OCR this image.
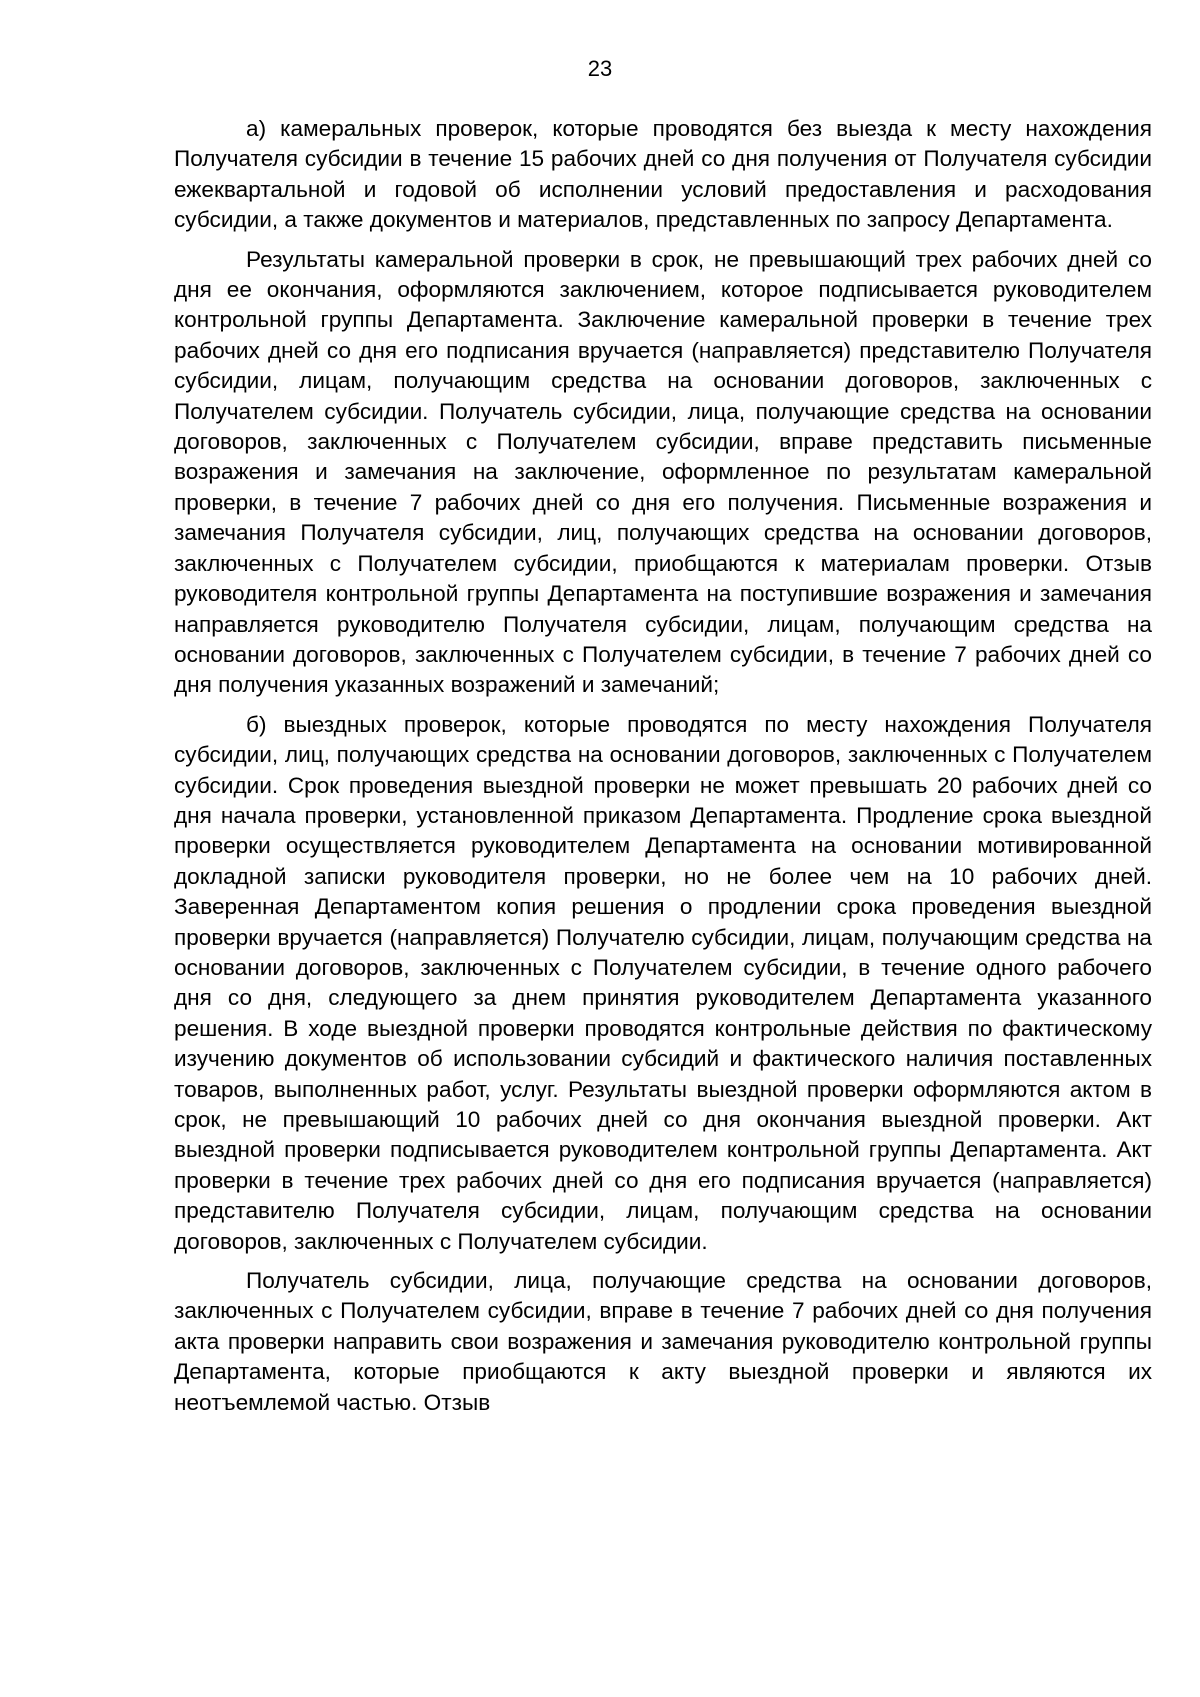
23

а) камеральных проверок, которые проводятся без выезда к месту нахождения Получателя субсидии в течение 15 рабочих дней со дня получения от Получателя субсидии ежеквартальной и годовой об исполнении условий предоставления и расходования субсидии, а также документов и материалов, представленных по запросу Департамента.

Результаты камеральной проверки в срок, не превышающий трех рабочих дней со дня ее окончания, оформляются заключением, которое подписывается руководителем контрольной группы Департамента. Заключение камеральной проверки в течение трех рабочих дней со дня его подписания вручается (направляется) представителю Получателя субсидии, лицам, получающим средства на основании договоров, заключенных с Получателем субсидии. Получатель субсидии, лица, получающие средства на основании договоров, заключенных с Получателем субсидии, вправе представить письменные возражения и замечания на заключение, оформленное по результатам камеральной проверки, в течение 7 рабочих дней со дня его получения. Письменные возражения и замечания Получателя субсидии, лиц, получающих средства на основании договоров, заключенных с Получателем субсидии, приобщаются к материалам проверки. Отзыв руководителя контрольной группы Департамента на поступившие возражения и замечания направляется руководителю Получателя субсидии, лицам, получающим средства на основании договоров, заключенных с Получателем субсидии, в течение 7 рабочих дней со дня получения указанных возражений и замечаний;

б) выездных проверок, которые проводятся по месту нахождения Получателя субсидии, лиц, получающих средства на основании договоров, заключенных с Получателем субсидии. Срок проведения выездной проверки не может превышать 20 рабочих дней со дня начала проверки, установленной приказом Департамента. Продление срока выездной проверки осуществляется руководителем Департамента на основании мотивированной докладной записки руководителя проверки, но не более чем на 10 рабочих дней. Заверенная Департаментом копия решения о продлении срока проведения выездной проверки вручается (направляется) Получателю субсидии, лицам, получающим средства на основании договоров, заключенных с Получателем субсидии, в течение одного рабочего дня со дня, следующего за днем принятия руководителем Департамента указанного решения. В ходе выездной проверки проводятся контрольные действия по фактическому изучению документов об использовании субсидий и фактического наличия поставленных товаров, выполненных работ, услуг. Результаты выездной проверки оформляются актом в срок, не превышающий 10 рабочих дней со дня окончания выездной проверки. Акт выездной проверки подписывается руководителем контрольной группы Департамента. Акт проверки в течение трех рабочих дней со дня его подписания вручается (направляется) представителю Получателя субсидии, лицам, получающим средства на основании договоров, заключенных с Получателем субсидии.

Получатель субсидии, лица, получающие средства на основании договоров, заключенных с Получателем субсидии, вправе в течение 7 рабочих дней со дня получения акта проверки направить свои возражения и замечания руководителю контрольной группы Департамента, которые приобщаются к акту выездной проверки и являются их неотъемлемой частью. Отзыв
